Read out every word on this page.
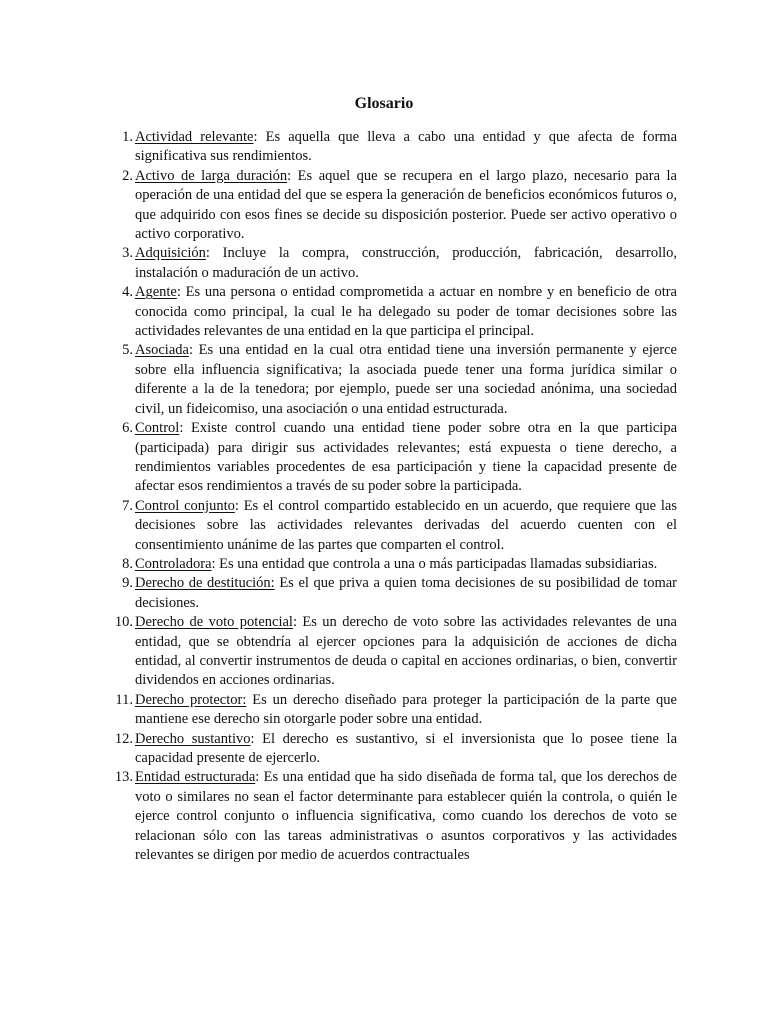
Glosario
1 . Actividad relevante: Es aquella que lleva a cabo una entidad y que afecta de forma significativa sus rendimientos.
2 . Activo de larga duración: Es aquel que se recupera en el largo plazo, necesario para la operación de una entidad del que se espera la generación de beneficios económicos futuros o, que adquirido con esos fines se decide su disposición posterior. Puede ser activo operativo o activo corporativo.
3 . Adquisición: Incluye la compra, construcción, producción, fabricación, desarrollo, instalación o maduración de un activo.
4 . Agente: Es una persona o entidad comprometida a actuar en nombre y en beneficio de otra conocida como principal, la cual le ha delegado su poder de tomar decisiones sobre las actividades relevantes de una entidad en la que participa el principal.
5 . Asociada: Es una entidad en la cual otra entidad tiene una inversión permanente y ejerce sobre ella influencia significativa; la asociada puede tener una forma jurídica similar o diferente a la de la tenedora; por ejemplo, puede ser una sociedad anónima, una sociedad civil, un fideicomiso, una asociación o una entidad estructurada.
6 . Control: Existe control cuando una entidad tiene poder sobre otra en la que participa (participada) para dirigir sus actividades relevantes; está expuesta o tiene derecho, a rendimientos variables procedentes de esa participación y tiene la capacidad presente de afectar esos rendimientos a través de su poder sobre la participada.
7 . Control conjunto: Es el control compartido establecido en un acuerdo, que requiere que las decisiones sobre las actividades relevantes derivadas del acuerdo cuenten con el consentimiento unánime de las partes que comparten el control.
8 . Controladora: Es una entidad que controla a una o más participadas llamadas subsidiarias.
9 . Derecho de destitución: Es el que priva a quien toma decisiones de su posibilidad de tomar decisiones.
10 . Derecho de voto potencial: Es un derecho de voto sobre las actividades relevantes de una entidad, que se obtendría al ejercer opciones para la adquisición de acciones de dicha entidad, al convertir instrumentos de deuda o capital en acciones ordinarias, o bien, convertir dividendos en acciones ordinarias.
11 . Derecho protector: Es un derecho diseñado para proteger la participación de la parte que mantiene ese derecho sin otorgarle poder sobre una entidad.
12 . Derecho sustantivo: El derecho es sustantivo, si el inversionista que lo posee tiene la capacidad presente de ejercerlo.
13 . Entidad estructurada: Es una entidad que ha sido diseñada de forma tal, que los derechos de voto o similares no sean el factor determinante para establecer quién la controla, o quién le ejerce control conjunto o influencia significativa, como cuando los derechos de voto se relacionan sólo con las tareas administrativas o asuntos corporativos y las actividades relevantes se dirigen por medio de acuerdos contractuales
